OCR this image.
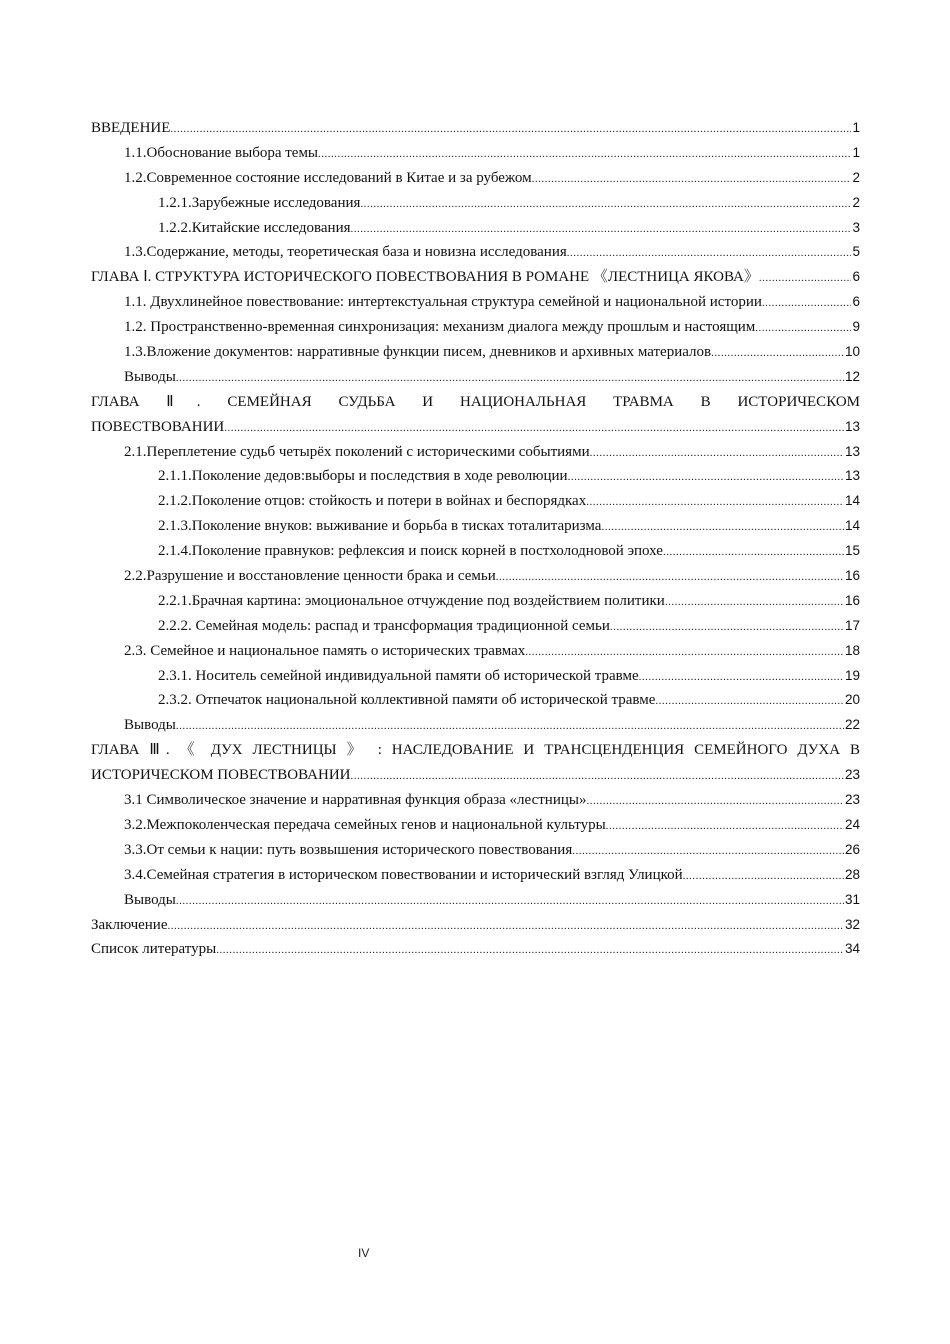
ВВЕДЕНИЕ .....	1
1.1.Обоснование выбора темы .....	1
1.2.Современное состояние исследований в Китае и за рубежом .....	2
1.2.1.Зарубежные исследования .....	2
1.2.2.Китайские исследования .....	3
1.3.Содержание, методы, теоретическая база и новизна исследования .....	5
ГЛАВА Ⅰ. СТРУКТУРА ИСТОРИЧЕСКОГО ПОВЕСТВОВАНИЯ В РОМАНЕ 《ЛЕСТНИЦА ЯКОВА》 .....	6
1.1. Двухлинейное повествование: интертекстуальная структура семейной и национальной истории .....	6
1.2. Пространственно-временная синхронизация: механизм диалога между прошлым и настоящим .....	9
1.3.Вложение документов: нарративные функции писем, дневников и архивных материалов .....	10
Выводы .....	12
ГЛАВА Ⅱ. СЕМЕЙНАЯ СУДЬБА И НАЦИОНАЛЬНАЯ ТРАВМА В ИСТОРИЧЕСКОМ
ПОВЕСТВОВАНИИ .....	13
2.1.Переплетение судьб четырёх поколений с историческими событиями .....	13
2.1.1.Поколение дедов:выборы и последствия в ходе революции .....	13
2.1.2.Поколение отцов: стойкость и потери в войнах и беспорядках .....	14
2.1.3.Поколение внуков: выживание и борьба в тисках тоталитаризма .....	14
2.1.4.Поколение правнуков: рефлексия и поиск корней в постхолодновой эпохе .....	15
2.2.Разрушение и восстановление ценности брака и семьи .....	16
2.2.1.Брачная картина: эмоциональное отчуждение под воздействием политики .....	16
2.2.2. Семейная модель: распад и трансформация традиционной семьи .....	17
2.3. Семейное и национальное память о исторических травмах .....	18
2.3.1. Носитель семейной индивидуальной памяти об исторической травме .....	19
2.3.2. Отпечаток национальной коллективной памяти об исторической травме .....	20
Выводы .....	22
ГЛАВА Ⅲ. 《 ДУХ ЛЕСТНИЦЫ 》 : НАСЛЕДОВАНИЕ И ТРАНСЦЕНДЕНЦИЯ СЕМЕЙНОГО ДУХА В
ИСТОРИЧЕСКОМ ПОВЕСТВОВАНИИ .....	23
3.1 Символическое значение и нарративная функция образа «лестницы» .....	23
3.2.Межпоколенческая передача семейных генов и национальной культуры .....	24
3.3.От семьи к нации: путь возвышения исторического повествования .....	26
3.4.Семейная стратегия в историческом повествовании и исторический взгляд Улицкой .....	28
Выводы .....	31
Заключение .....	32
Список литературы .....	34
IV
